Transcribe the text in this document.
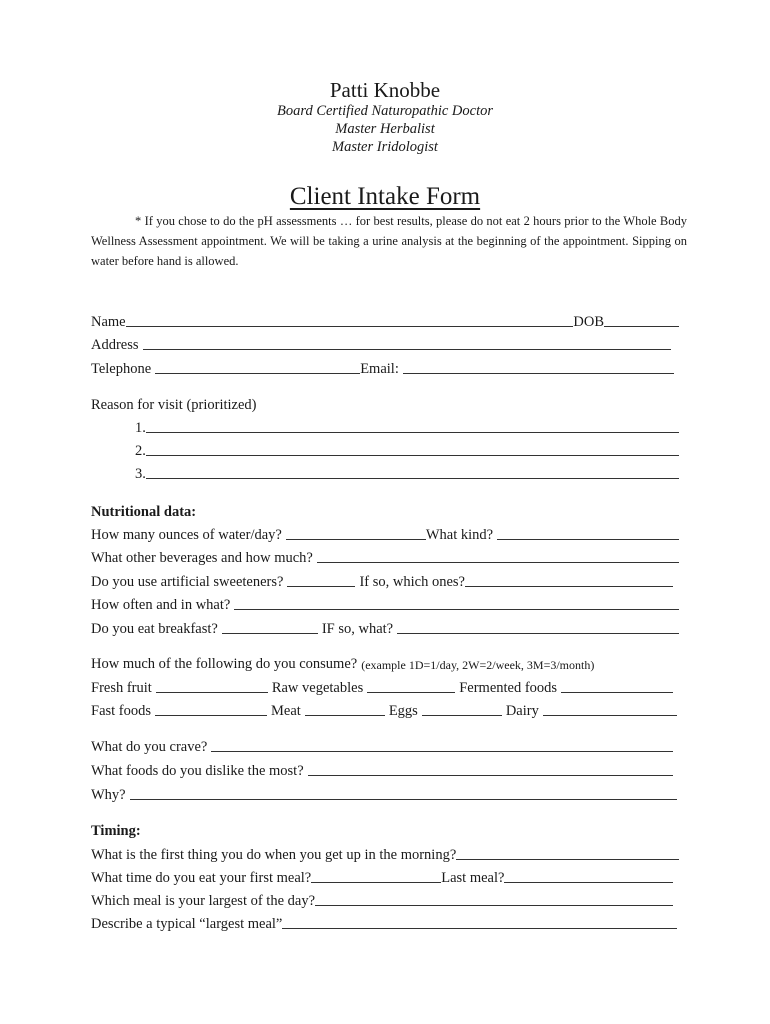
Patti Knobbe
Board Certified Naturopathic Doctor
Master Herbalist
Master Iridologist
Client Intake Form
* If you chose to do the pH assessments … for best results, please do not eat 2 hours prior to the Whole Body Wellness Assessment appointment. We will be taking a urine analysis at the beginning of the appointment. Sipping on water before hand is allowed.
Name	DOB
Address
Telephone	Email:
Reason for visit (prioritized)
1.
2.
3.
Nutritional data:
How many ounces of water/day?	What kind?
What other beverages and how much?
Do you use artificial sweeteners?	If so, which ones?
How often and in what?
Do you eat breakfast?	IF so, what?
How much of the following do you consume? (example 1D=1/day, 2W=2/week, 3M=3/month)
Fresh fruit	Raw vegetables	Fermented foods
Fast foods	Meat	Eggs	Dairy
What do you crave?
What foods do you dislike the most?
Why?
Timing:
What is the first thing you do when you get up in the morning?
What time do you eat your first meal?	Last meal?
Which meal is your largest of the day?
Describe a typical “largest meal”
